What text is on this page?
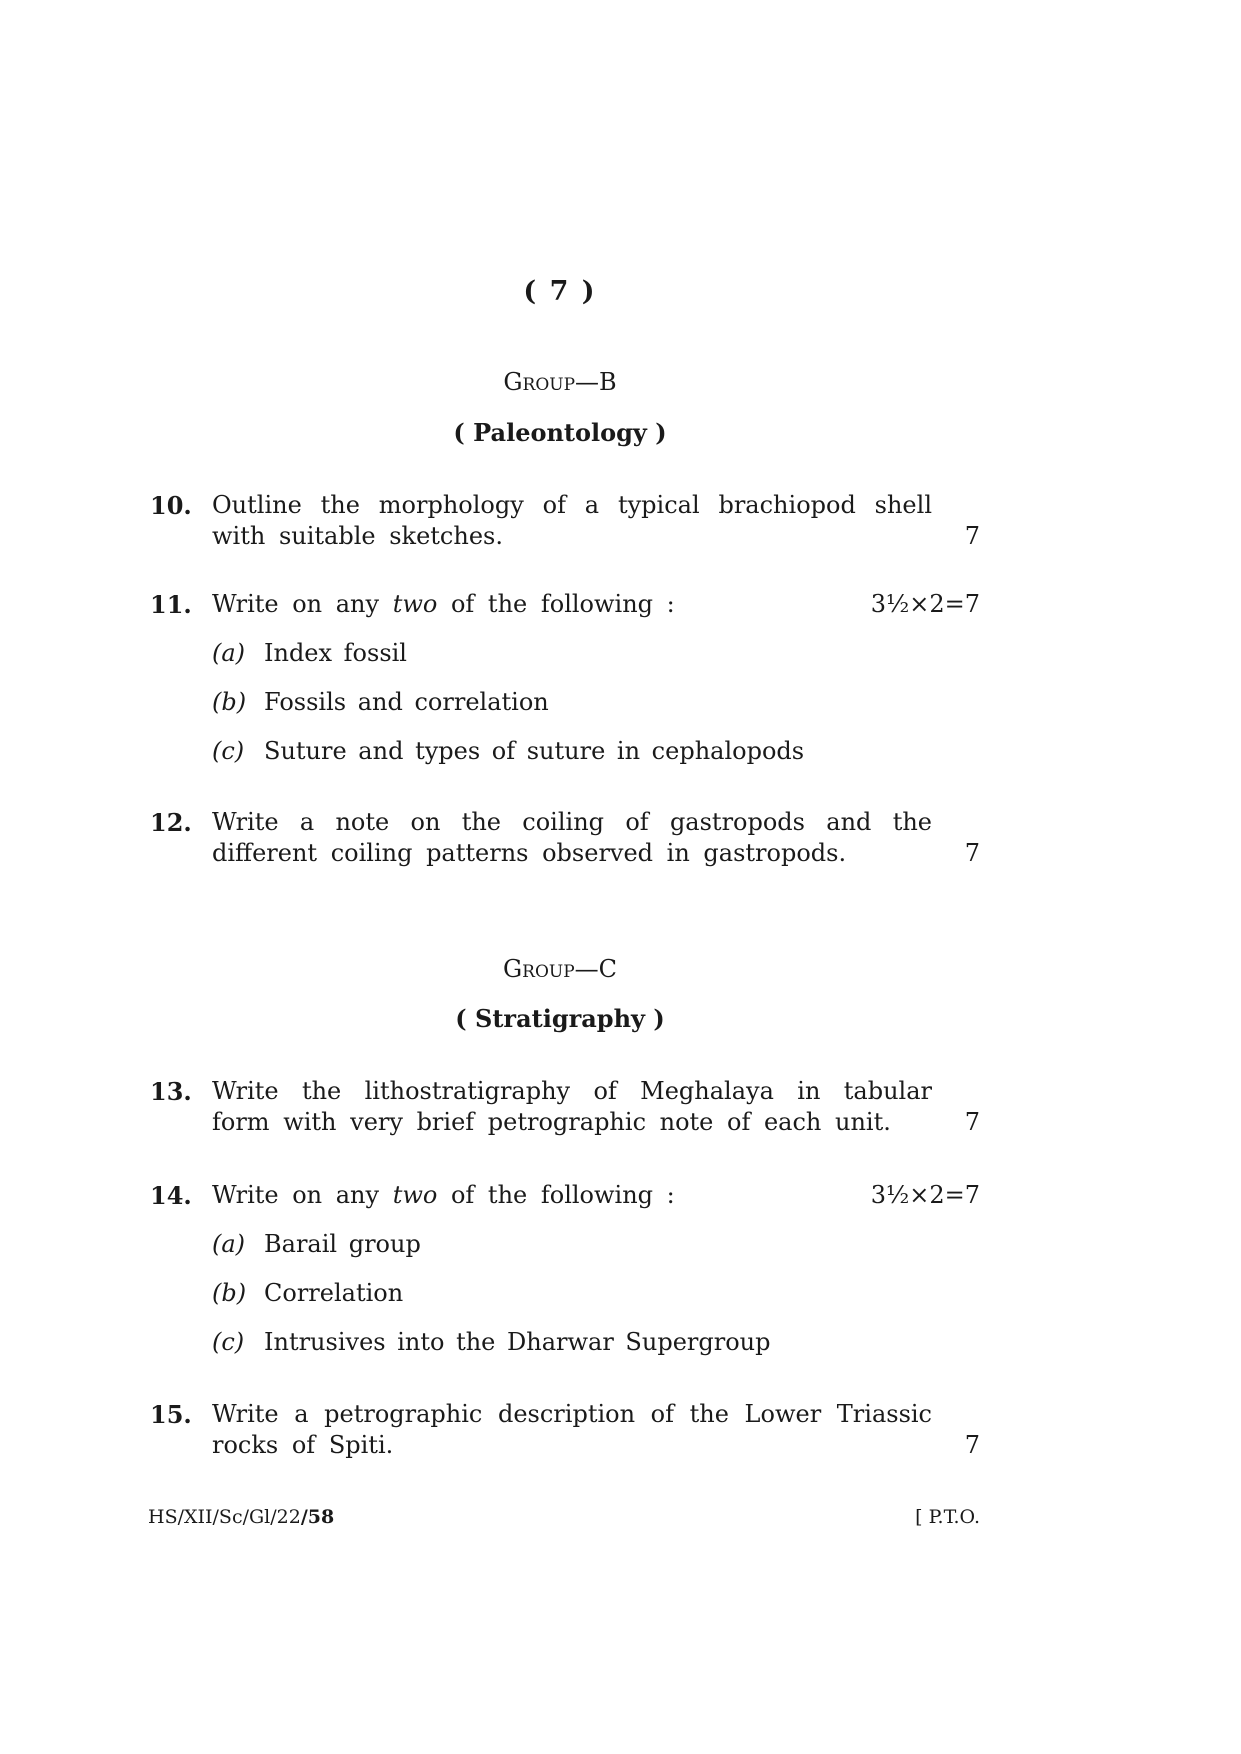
( 7 )
Group—B
( Paleontology )
10. Outline the morphology of a typical brachiopod shell with suitable sketches.	7
11. Write on any two of the following :	3½×2=7
(a) Index fossil
(b) Fossils and correlation
(c) Suture and types of suture in cephalopods
12. Write a note on the coiling of gastropods and the different coiling patterns observed in gastropods.	7
Group—C
( Stratigraphy )
13. Write the lithostratigraphy of Meghalaya in tabular form with very brief petrographic note of each unit.	7
14. Write on any two of the following :	3½×2=7
(a) Barail group
(b) Correlation
(c) Intrusives into the Dharwar Supergroup
15. Write a petrographic description of the Lower Triassic rocks of Spiti.	7
HS/XII/Sc/Gl/22/58	[ P.T.O.
